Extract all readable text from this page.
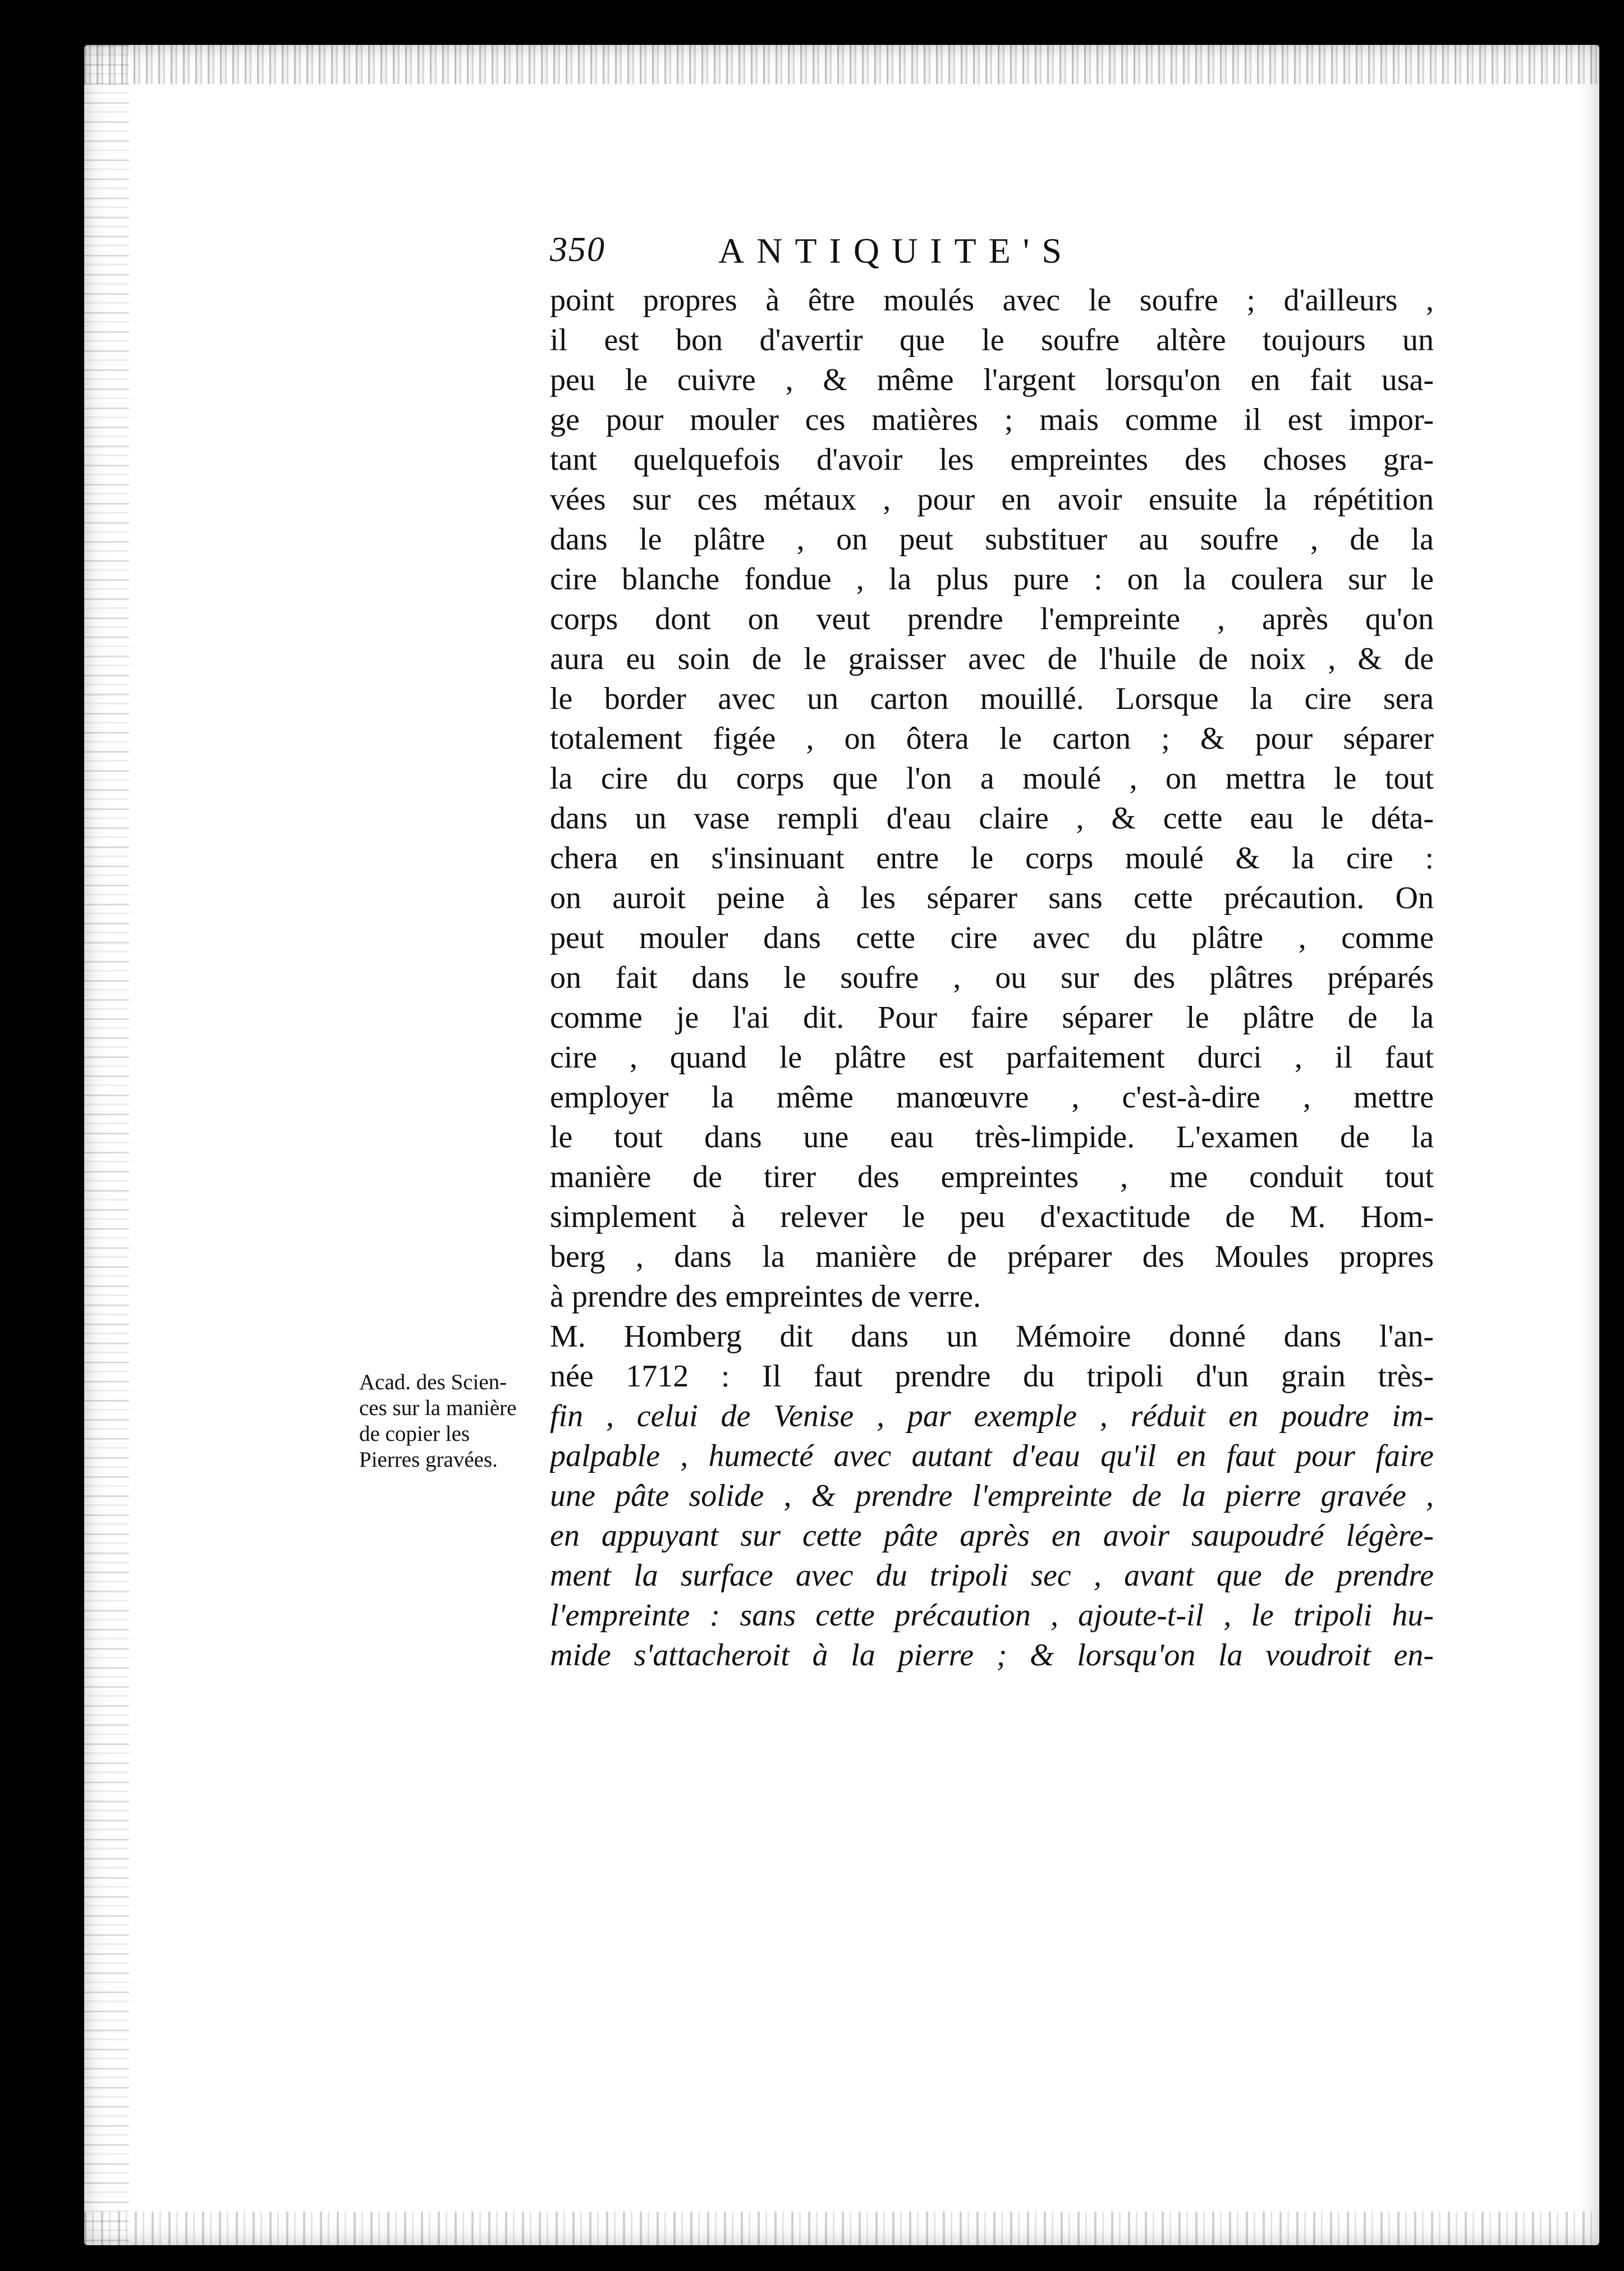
350	ANTIQUITE'S
point propres à être moulés avec le soufre ; d'ailleurs ,
il est bon d'avertir que le soufre altère toujours un
peu le cuivre , & même l'argent lorsqu'on en fait usa-
ge pour mouler ces matières ; mais comme il est impor-
tant quelquefois d'avoir les empreintes des choses gra-
vées sur ces métaux , pour en avoir ensuite la répétition
dans le plâtre , on peut substituer au soufre , de la
cire blanche fondue , la plus pure : on la coulera sur le
corps dont on veut prendre l'empreinte , après qu'on
aura eu soin de le graisser avec de l'huile de noix , & de
le border avec un carton mouillé. Lorsque la cire sera
totalement figée , on ôtera le carton ; & pour séparer
la cire du corps que l'on a moulé , on mettra le tout
dans un vase rempli d'eau claire , & cette eau le déta-
chera en s'insinuant entre le corps moulé & la cire :
on auroit peine à les séparer sans cette précaution. On
peut mouler dans cette cire avec du plâtre , comme
on fait dans le soufre , ou sur des plâtres préparés
comme je l'ai dit. Pour faire séparer le plâtre de la
cire , quand le plâtre est parfaitement durci , il faut
employer la même manœuvre , c'est-à-dire , mettre
le tout dans une eau très-limpide. L'examen de la
manière de tirer des empreintes , me conduit tout
simplement à relever le peu d'exactitude de M. Hom-
berg , dans la manière de préparer des Moules propres
à prendre des empreintes de verre.
M. Homberg dit dans un Mémoire donné dans l'an-
née 1712 : Il faut prendre du tripoli d'un grain très-
fin , celui de Venise , par exemple , réduit en poudre im-
palpable , humecté avec autant d'eau qu'il en faut pour faire
une pâte solide , & prendre l'empreinte de la pierre gravée ,
en appuyant sur cette pâte après en avoir saupoudré légère-
ment la surface avec du tripoli sec , avant que de prendre
l'empreinte : sans cette précaution , ajoute-t-il , le tripoli hu-
mide s'attacheroit à la pierre ; & lorsqu'on la voudroit en-
Acad. des Scien-
ces sur la manière
de copier les
Pierres gravées.
